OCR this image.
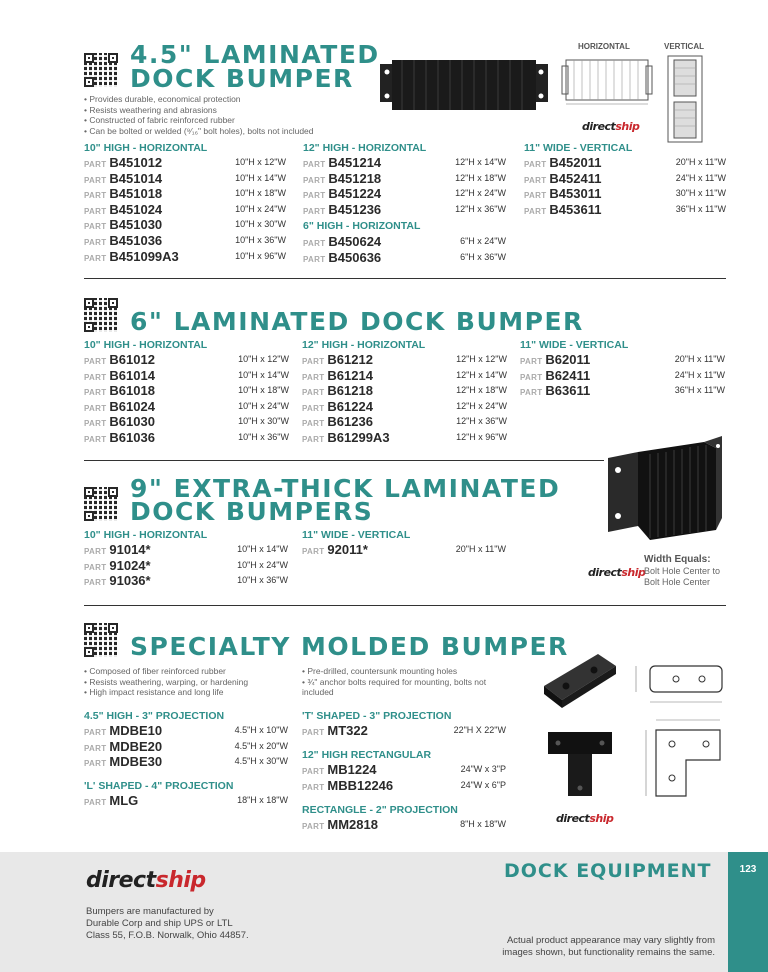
4.5" LAMINATED
DOCK BUMPER
• Provides durable, economical protection
• Resists weathering and abrasions
• Constructed of fabric reinforced rubber
• Can be bolted or welded (⁹⁄₁₆" bolt holes), bolts not included
HORIZONTAL	VERTICAL
directship
10" HIGH - HORIZONTAL
PART B451012	10"H x 12"W
PART B451014	10"H x 14"W
PART B451018	10"H x 18"W
PART B451024	10"H x 24"W
PART B451030	10"H x 30"W
PART B451036	10"H x 36"W
PART B451099A3	10"H x 96"W
12" HIGH - HORIZONTAL
PART B451214	12"H x 14"W
PART B451218	12"H x 18"W
PART B451224	12"H x 24"W
PART B451236	12"H x 36"W
6" HIGH - HORIZONTAL
PART B450624	6"H x 24"W
PART B450636	6"H x 36"W
11" WIDE - VERTICAL
PART B452011	20"H x 11"W
PART B452411	24"H x 11"W
PART B453011	30"H x 11"W
PART B453611	36"H x 11"W
6" LAMINATED DOCK BUMPER
10" HIGH - HORIZONTAL
PART B61012	10"H x 12"W
PART B61014	10"H x 14"W
PART B61018	10"H x 18"W
PART B61024	10"H x 24"W
PART B61030	10"H x 30"W
PART B61036	10"H x 36"W
12" HIGH - HORIZONTAL
PART B61212	12"H x 12"W
PART B61214	12"H x 14"W
PART B61218	12"H x 18"W
PART B61224	12"H x 24"W
PART B61236	12"H x 36"W
PART B61299A3	12"H x 96"W
11" WIDE - VERTICAL
PART B62011	20"H x 11"W
PART B62411	24"H x 11"W
PART B63611	36"H x 11"W
9" EXTRA-THICK LAMINATED
DOCK BUMPERS
10" HIGH - HORIZONTAL
PART 91014*	10"H x 14"W
PART 91024*	10"H x 24"W
PART 91036*	10"H x 36"W
11" WIDE - VERTICAL
PART 92011*	20"H x 11"W
directship
Width Equals:
Bolt Hole Center to
Bolt Hole Center
SPECIALTY MOLDED BUMPER
• Composed of fiber reinforced rubber
• Resists weathering, warping, or hardening
• High impact resistance and long life
• Pre-drilled, countersunk mounting holes
• ¾" anchor bolts required for mounting, bolts not
included
4.5" HIGH - 3" PROJECTION
PART MDBE10	4.5"H x 10"W
PART MDBE20	4.5"H x 20"W
PART MDBE30	4.5"H x 30"W
'L' SHAPED - 4" PROJECTION
PART MLG	18"H x 18"W
'T' SHAPED - 3" PROJECTION
PART MT322	22"H X 22"W
12" HIGH RECTANGULAR
PART MB1224	24"W x 3"P
PART MBB12246	24"W x 6"P
RECTANGLE - 2" PROJECTION
PART MM2818	8"H x 18"W	directship
123
directship
Bumpers are manufactured by
Durable Corp and ship UPS or LTL
Class 55, F.O.B. Norwalk, Ohio 44857.
DOCK EQUIPMENT
Actual product appearance may vary slightly from
images shown, but functionality remains the same.
